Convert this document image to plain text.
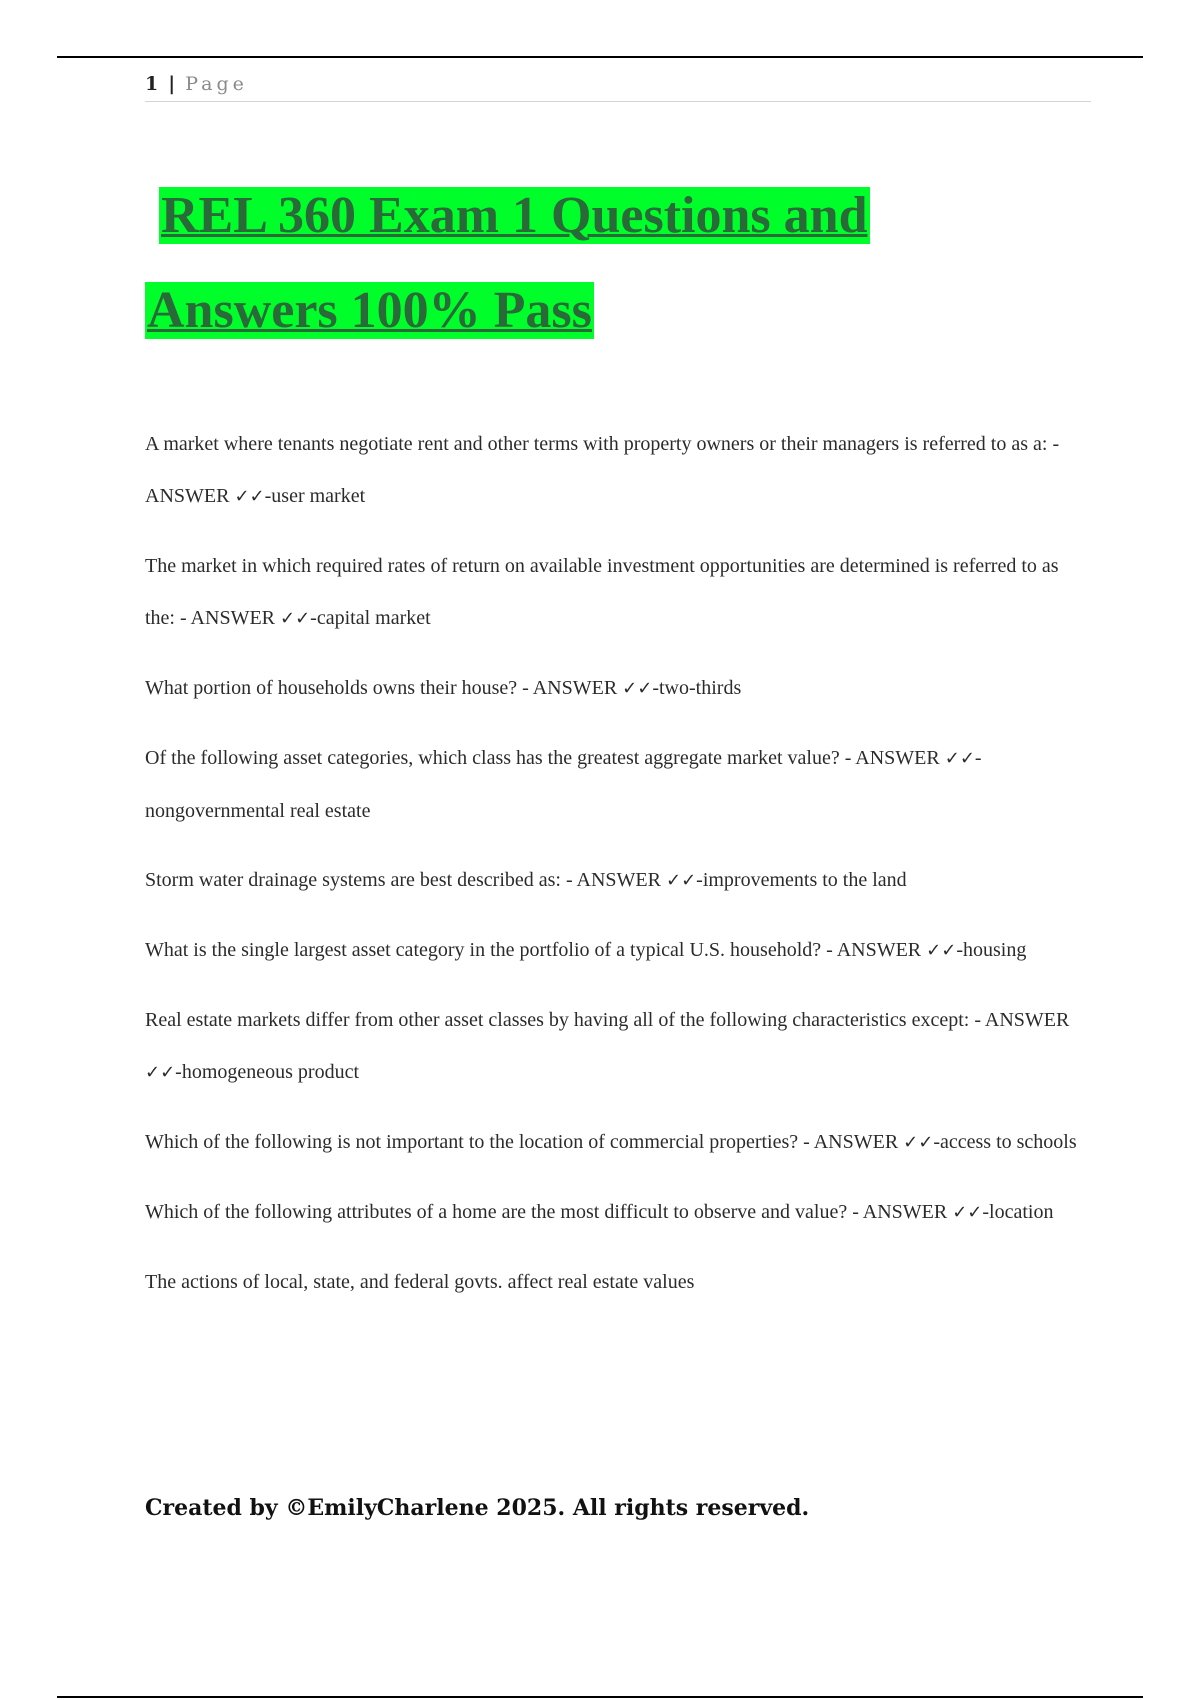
1 | Page
REL 360 Exam 1 Questions and
Answers 100% Pass

A market where tenants negotiate rent and other terms with property owners or their managers is referred to as a: - ANSWER ✓✓-user market

The market in which required rates of return on available investment opportunities are determined is referred to as the: - ANSWER ✓✓-capital market

What portion of households owns their house? - ANSWER ✓✓-two-thirds

Of the following asset categories, which class has the greatest aggregate market value? - ANSWER ✓✓-nongovernmental real estate

Storm water drainage systems are best described as: - ANSWER ✓✓-improvements to the land

What is the single largest asset category in the portfolio of a typical U.S. household? - ANSWER ✓✓-housing

Real estate markets differ from other asset classes by having all of the following characteristics except: - ANSWER ✓✓-homogeneous product

Which of the following is not important to the location of commercial properties? - ANSWER ✓✓-access to schools

Which of the following attributes of a home are the most difficult to observe and value? - ANSWER ✓✓-location

The actions of local, state, and federal govts. affect real estate values

Created by ©EmilyCharlene 2025. All rights reserved.
